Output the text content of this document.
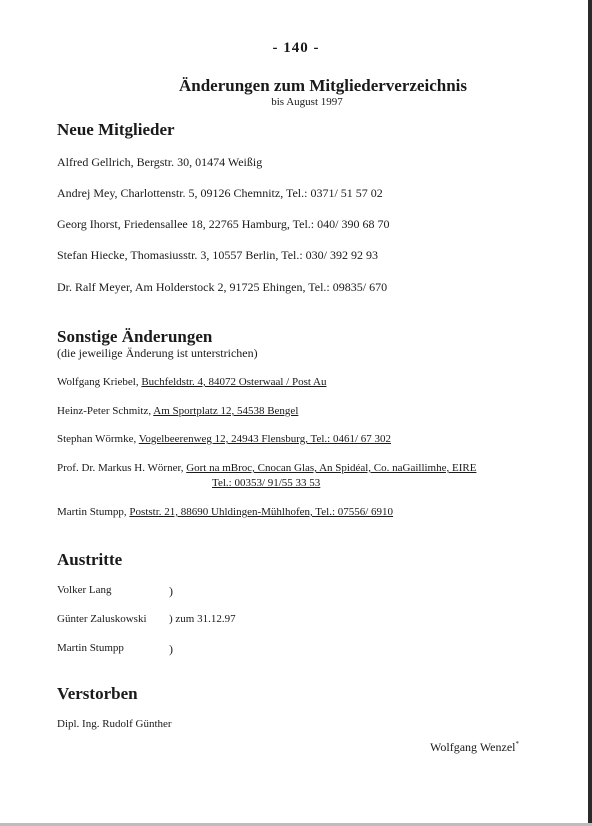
- 140 -
Änderungen zum Mitgliederverzeichnis
bis August 1997
Neue Mitglieder
Alfred Gellrich, Bergstr. 30, 01474 Weißig
Andrej Mey, Charlottenstr. 5, 09126 Chemnitz, Tel.: 0371/ 51 57 02
Georg Ihorst, Friedensallee 18, 22765 Hamburg, Tel.: 040/ 390 68 70
Stefan Hiecke, Thomasiusstr. 3, 10557 Berlin, Tel.: 030/ 392 92 93
Dr. Ralf Meyer, Am Holderstock 2, 91725 Ehingen, Tel.: 09835/ 670
Sonstige Änderungen
(die jeweilige Änderung ist unterstrichen)
Wolfgang Kriebel, Buchfeldstr. 4, 84072 Osterwaal / Post Au
Heinz-Peter Schmitz, Am Sportplatz 12, 54538 Bengel
Stephan Wörmke, Vogelbeerenweg 12, 24943 Flensburg, Tel.: 0461/ 67 302
Prof. Dr. Markus H. Wörner, Gort na mBroc, Cnocan Glas, An Spidéal, Co. naGaillimhe, EIRE
Tel.: 00353/ 91/55 33 53
Martin Stumpp, Poststr. 21, 88690 Uhldingen-Mühlhofen, Tel.: 07556/ 6910
Austritte
Volker Lang
Günter Zaluskowski
Martin Stumpp
)
) zum 31.12.97
)
Verstorben
Dipl. Ing. Rudolf Günther
Wolfgang Wenzel*
